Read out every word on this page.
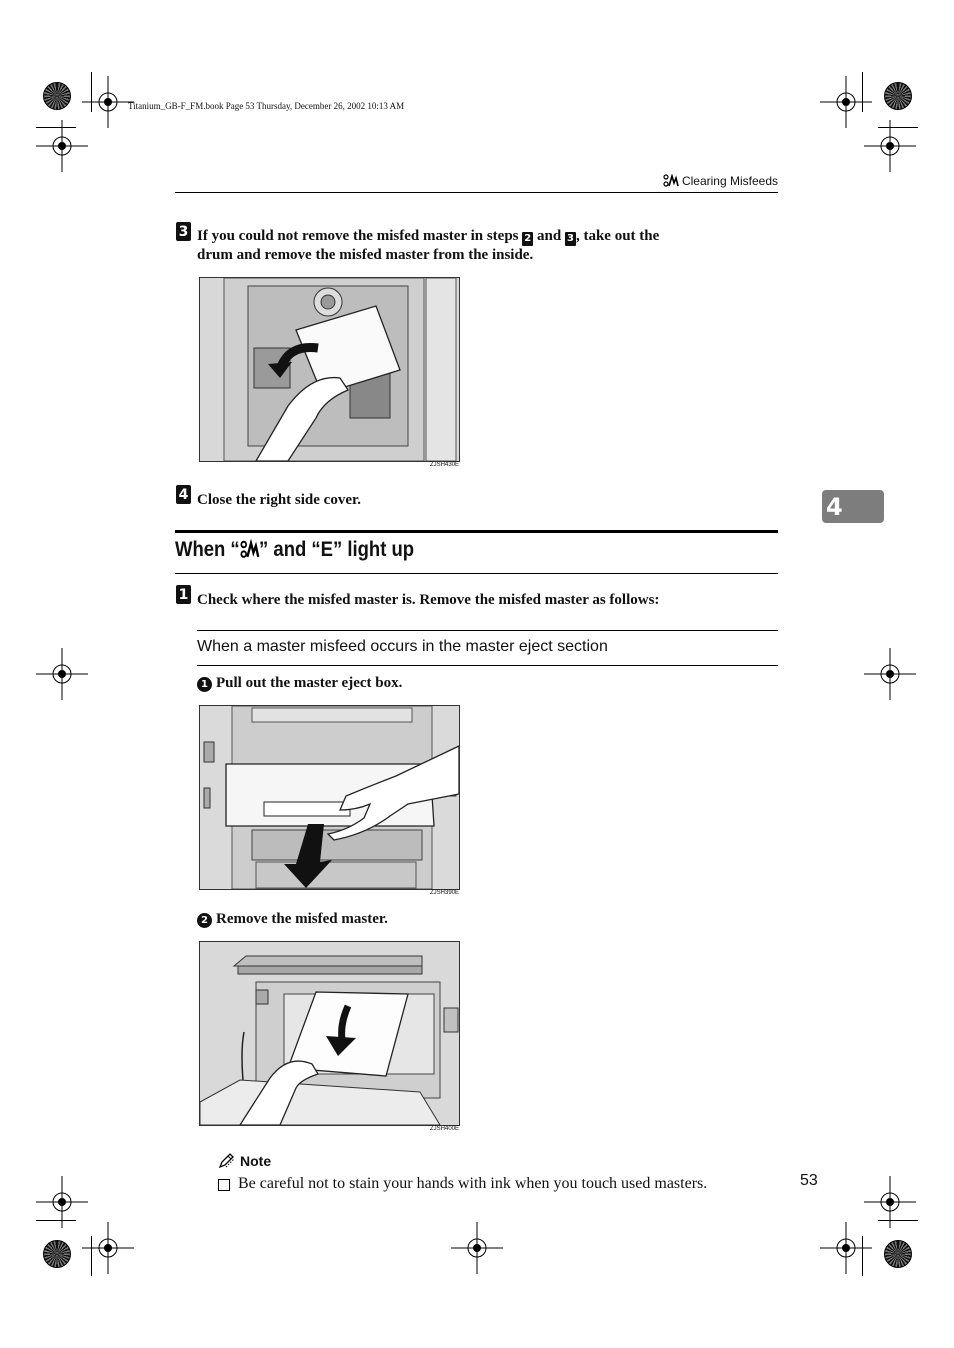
Titanium_GB-F_FM.book Page 53 Thursday, December 26, 2002 10:13 AM
Clearing Misfeeds
3 If you could not remove the misfed master in steps 2 and 3 , take out the
drum and remove the misfed master from the inside.
ZJSH430E
4 Close the right side cover.	4
When “ ” and “E” light up
1 Check where the misfed master is. Remove the misfed master as follows:
When a master misfeed occurs in the master eject section
1 Pull out the master eject box.
ZJSH390E
2 Remove the misfed master.
ZJSH400E
Note
Be careful not to stain your hands with ink when you touch used masters.	53
